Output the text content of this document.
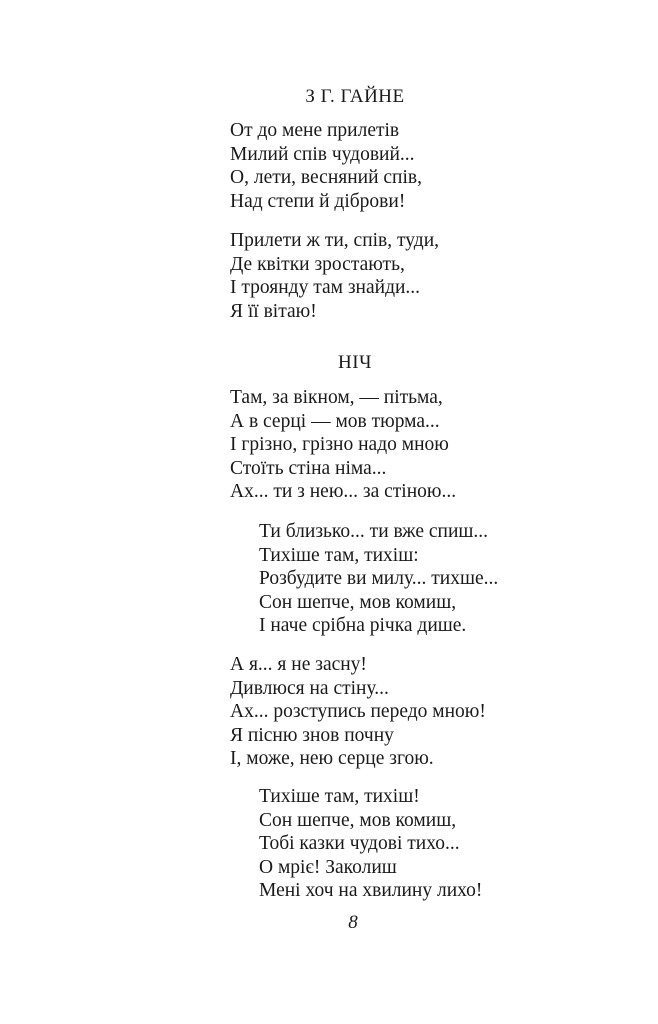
З Г. ГАЙНЕ

От до мене прилетів
Милий спів чудовий...
О, лети, весняний спів,
Над степи й діброви!

Прилети ж ти, спів, туди,
Де квітки зростають,
І троянду там знайди...
Я її вітаю!

НІЧ

Там, за вікном, — пітьма,
А в серці — мов тюрма...
І грізно, грізно надо мною
Стоїть стіна німа...
Ах... ти з нею... за стіною...

Ти близько... ти вже спиш...
Тихіше там, тихіш:
Розбудите ви милу... тихше...
Сон шепче, мов комиш,
І наче срібна річка дише.

А я... я не засну!
Дивлюся на стіну...
Ах... розступись передо мною!
Я пісню знов почну
І, може, нею серце згою.

Тихіше там, тихіш!
Сон шепче, мов комиш,
Тобі казки чудові тихо...
О мріє! Заколиш
Мені хоч на хвилину лихо!

8
